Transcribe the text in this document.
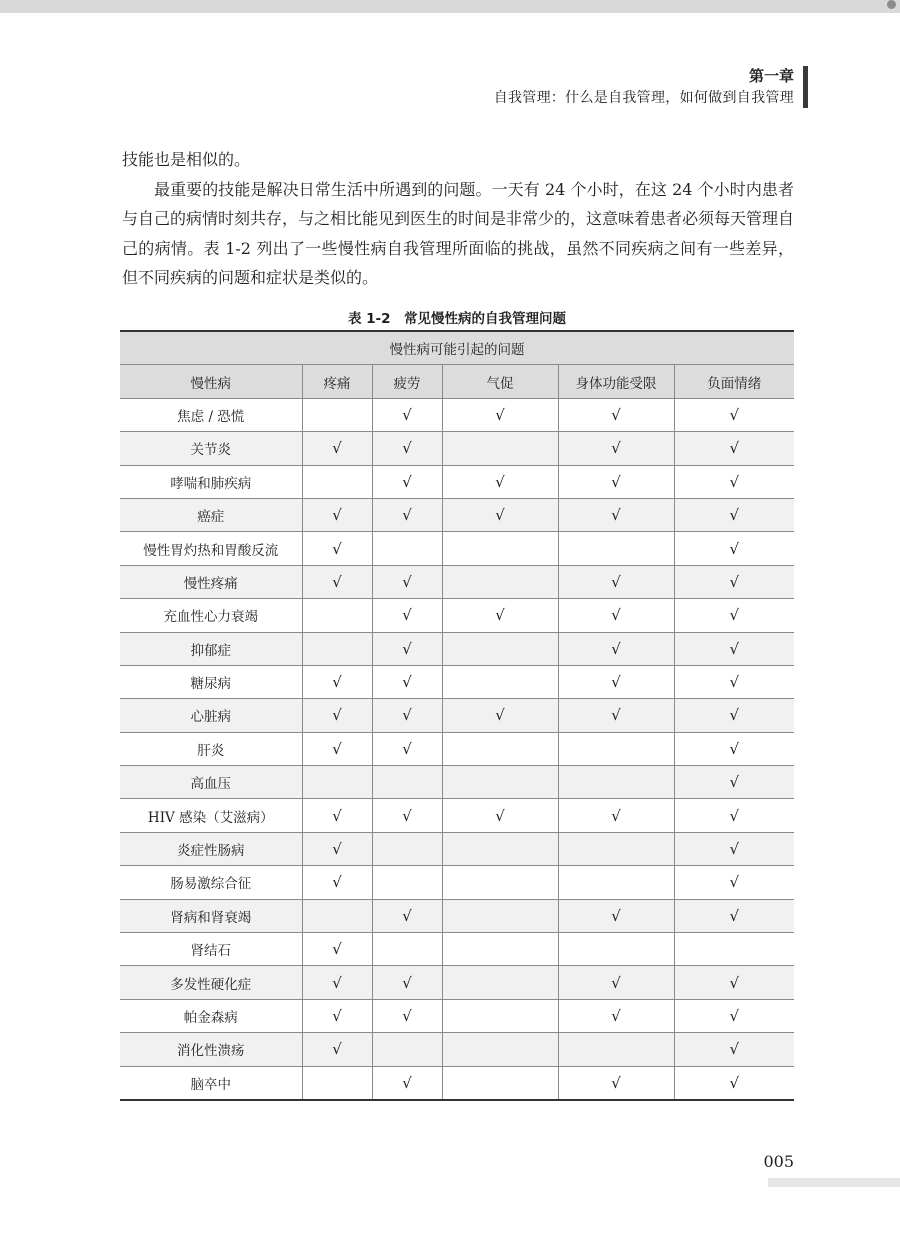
第一章
自我管理：什么是自我管理，如何做到自我管理

技能也是相似的。

最重要的技能是解决日常生活中所遇到的问题。一天有 24 个小时，在这 24 个小时内患者与自己的病情时刻共存，与之相比能见到医生的时间是非常少的，这意味着患者必须每天管理自己的病情。表 1-2 列出了一些慢性病自我管理所面临的挑战，虽然不同疾病之间有一些差异，但不同疾病的问题和症状是类似的。

表 1-2　常见慢性病的自我管理问题
慢性病可能引起的问题					
慢性病	疼痛	疲劳	气促	身体功能受限	负面情绪
焦虑 / 恐慌		√	√	√	√
关节炎	√	√		√	√
哮喘和肺疾病		√	√	√	√
癌症	√	√	√	√	√
慢性胃灼热和胃酸反流	√				√
慢性疼痛	√	√		√	√
充血性心力衰竭		√	√	√	√
抑郁症		√		√	√
糖尿病	√	√		√	√
心脏病	√	√	√	√	√
肝炎	√	√			√
高血压					√
HIV 感染（艾滋病）	√	√	√	√	√
炎症性肠病	√				√
肠易激综合征	√				√
肾病和肾衰竭		√		√	√
肾结石	√				
多发性硬化症	√	√		√	√
帕金森病	√	√		√	√
消化性溃疡	√				√
脑卒中		√		√	√
005
